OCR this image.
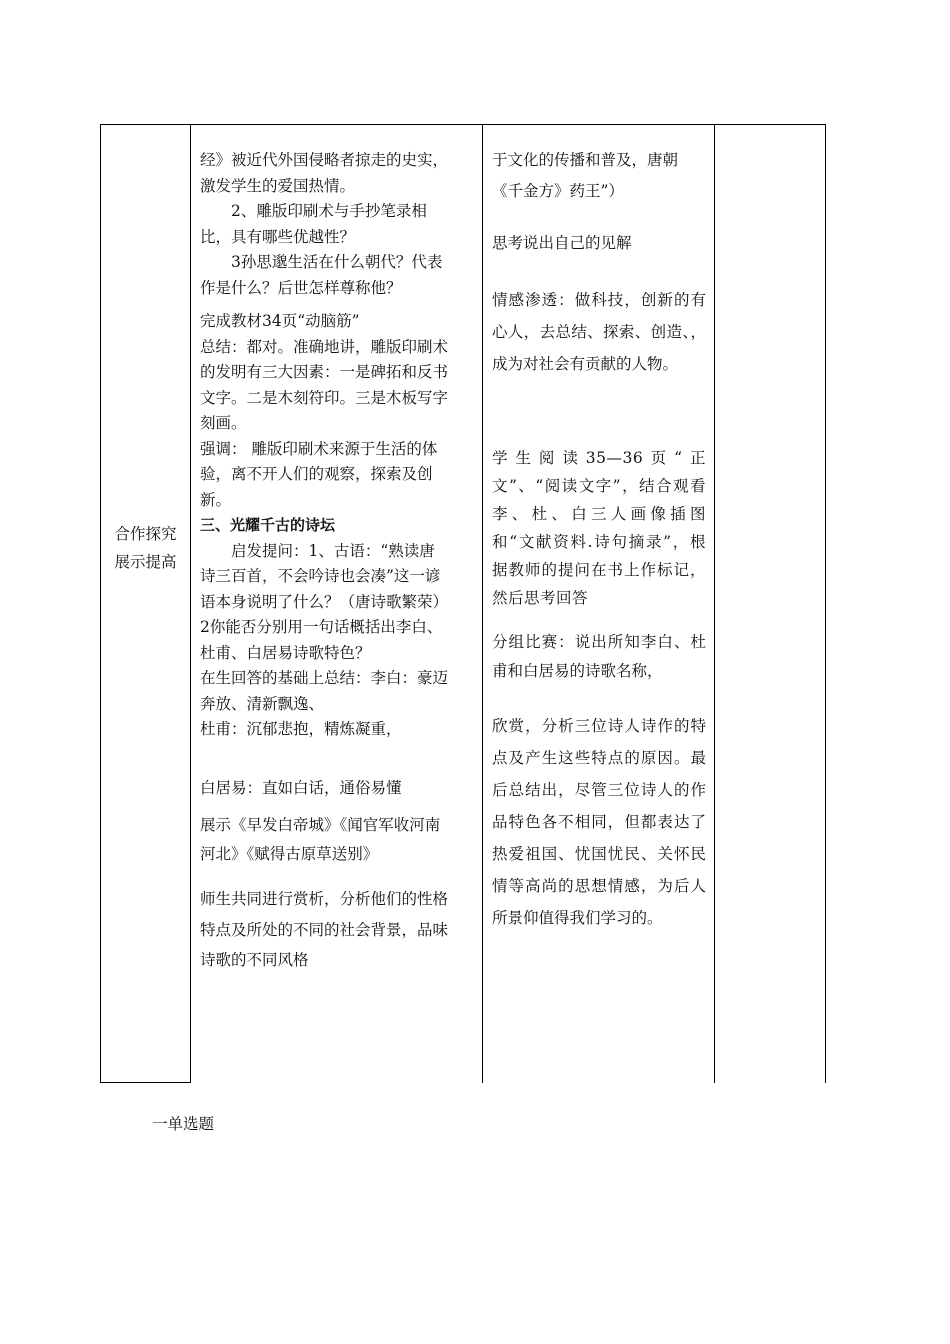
合作探究

展示提高

经》被近代外国侵略者掠走的史实，

激发学生的爱国热情。

2、雕版印刷术与手抄笔录相

比，具有哪些优越性？

3孙思邈生活在什么朝代？代表

作是什么？后世怎样尊称他？

完成教材34页“动脑筋”

总结：都对。准确地讲，雕版印刷术

的发明有三大因素：一是碑拓和反书

文字。二是木刻符印。三是木板写字

刻画。

强调： 雕版印刷术来源于生活的体

验，离不开人们的观察，探索及创

新。

三、光耀千古的诗坛

启发提问：1、古语：“熟读唐

诗三百首，不会吟诗也会凑”这一谚

语本身说明了什么？（唐诗歌繁荣）

2你能否分别用一句话概括出李白、

杜甫、白居易诗歌特色？

在生回答的基础上总结：李白：豪迈

奔放、清新飘逸、

杜甫：沉郁悲抱，精炼凝重，

白居易：直如白话，通俗易懂

展示《早发白帝城》《闻官军收河南

河北》《赋得古原草送别》

师生共同进行赏析，分析他们的性格

特点及所处的不同的社会背景，品味

诗歌的不同风格

于文化的传播和普及，唐朝

《千金方》药王”）

思考说出自己的见解

情感渗透：做科技，创新的有心人，去总结、探索、创造、，成为对社会有贡献的人物。

学生阅读35—36页“正文”、“阅读文字”，结合观看李、杜、白三人画像插图和“文献资料.诗句摘录”，根据教师的提问在书上作标记，然后思考回答

分组比赛：说出所知李白、杜甫和白居易的诗歌名称，

欣赏，分析三位诗人诗作的特点及产生这些特点的原因。最后总结出，尽管三位诗人的作品特色各不相同，但都表达了热爱祖国、忧国忧民、关怀民情等高尚的思想情感，为后人所景仰值得我们学习的。

一单选题
